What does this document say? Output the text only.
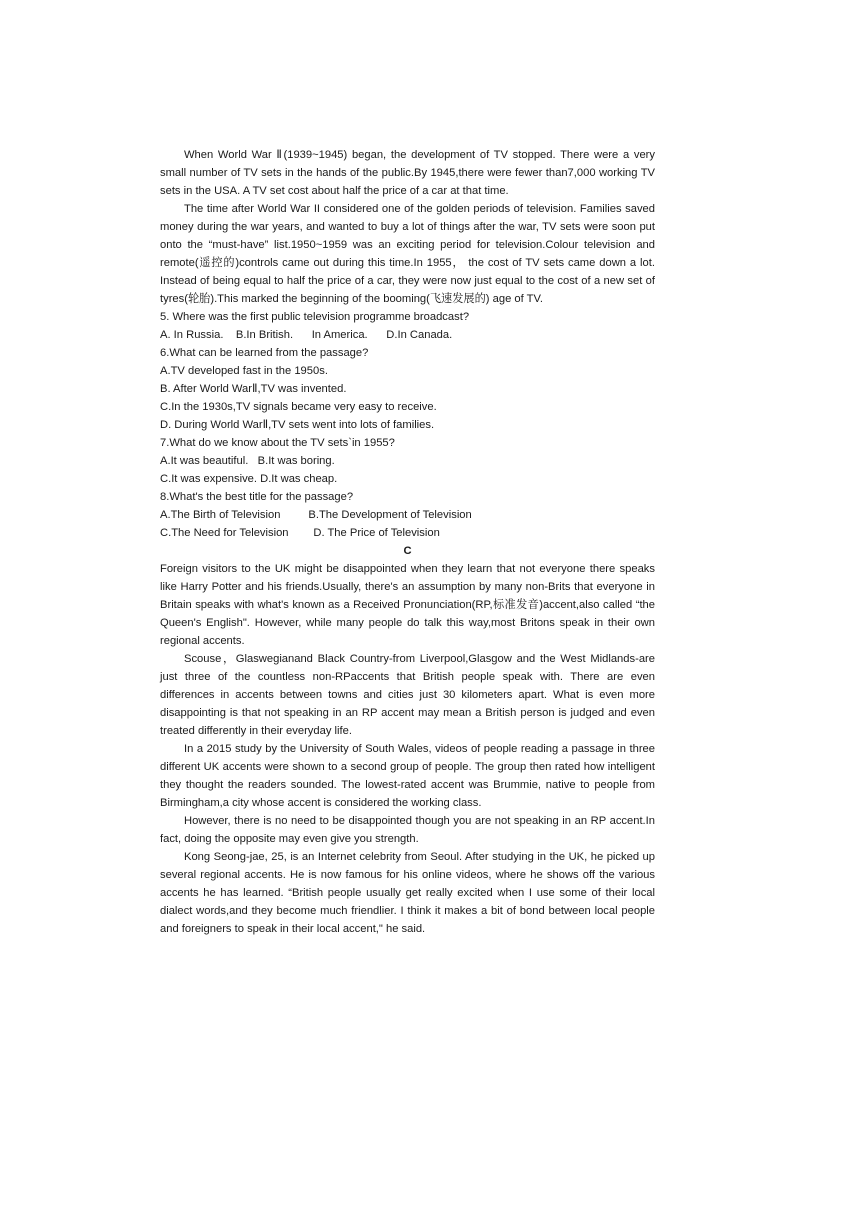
When World War Ⅱ(1939~1945) began, the development of TV stopped. There were a very small number of TV sets in the hands of the public.By 1945,there were fewer than7,000 working TV sets in the USA. A TV set cost about half the price of a car at that time.

The time after World War II considered one of the golden periods of television. Families saved money during the war years, and wanted to buy a lot of things after the war, TV sets were soon put onto the “must-have” list.1950~1959 was an exciting period for television.Colour television and remote(遥控的)controls came out during this time.In 1955， the cost of TV sets came down a lot. Instead of being equal to half the price of a car, they were now just equal to the cost of a new set of tyres(轮胎).This marked the beginning of the booming(飞速发展的) age of TV.

5. Where was the first public television programme broadcast?

A. In Russia.    B.In British.      In America.      D.In Canada.

6.What can be learned from the passage?

A.TV developed fast in the 1950s.

B. After World WarⅡ,TV was invented.

C.In the 1930s,TV signals became very easy to receive.

D. During World WarⅡ,TV sets went into lots of families.

7.What do we know about the TV sets`in 1955?

A.It was beautiful.   B.It was boring.

C.It was expensive. D.It was cheap.

8.What's the best title for the passage?

A.The Birth of Television         B.The Development of Television

C.The Need for Television        D. The Price of Television

C

Foreign visitors to the UK might be disappointed when they learn that not everyone there speaks like Harry Potter and his friends.Usually, there's an assumption by many non-Brits that everyone in Britain speaks with what's known as a Received Pronunciation(RP,标准发音)accent,also called “the Queen's English". However, while many people do talk this way,most Britons speak in their own regional accents.

Scouse，Glaswegianand Black Country-from Liverpool,Glasgow and the West Midlands-are just three of the countless non-RPaccents that British people speak with. There are even differences in accents between towns and cities just 30 kilometers apart. What is even more disappointing is that not speaking in an RP accent may mean a British person is judged and even treated differently in their everyday life.

In a 2015 study by the University of South Wales, videos of people reading a passage in three different UK accents were shown to a second group of people. The group then rated how intelligent they thought the readers sounded. The lowest-rated accent was Brummie, native to people from Birmingham,a city whose accent is considered the working class.

However, there is no need to be disappointed though you are not speaking in an RP accent.In fact, doing the opposite may even give you strength.

Kong Seong-jae, 25, is an Internet celebrity from Seoul. After studying in the UK, he picked up several regional accents. He is now famous for his online videos, where he shows off the various accents he has learned. “British people usually get really excited when I use some of their local dialect words,and they become much friendlier. I think it makes a bit of bond between local people and foreigners to speak in their local accent," he said.
